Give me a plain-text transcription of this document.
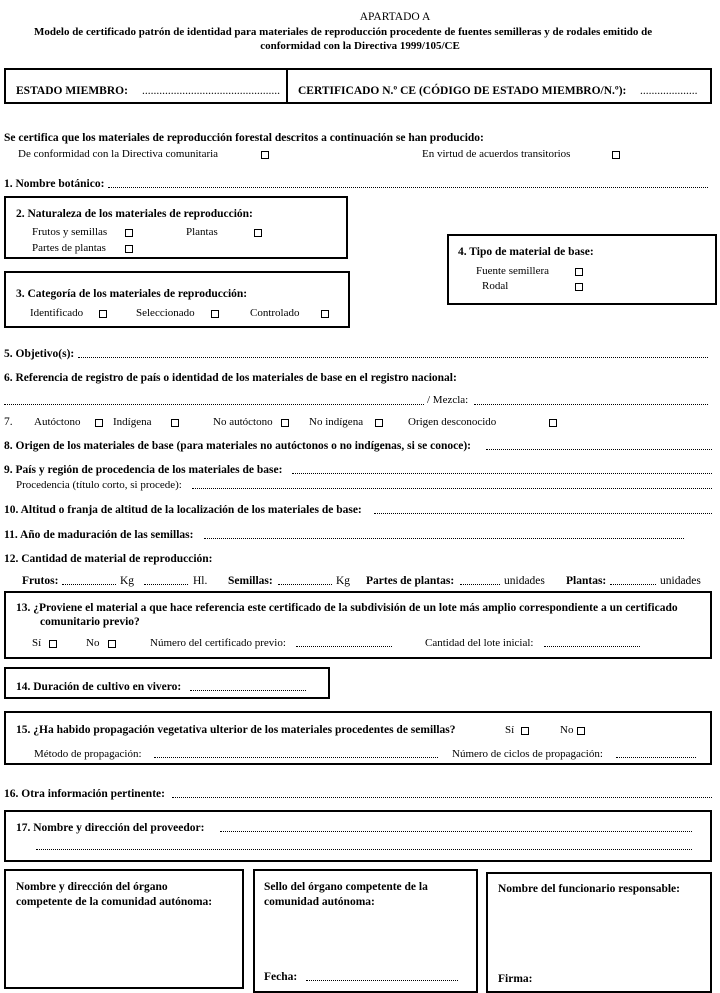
APARTADO A
Modelo de certificado patrón de identidad para materiales de reproducción procedente de fuentes semilleras y de rodales emitido de
conformidad con la Directiva 1999/105/CE
ESTADO MIEMBRO: ................................................ CERTIFICADO N.º CE (CÓDIGO DE ESTADO MIEMBRO/N.º): ....................
Se certifica que los materiales de reproducción forestal descritos a continuación se han producido:
De conformidad con la Directiva comunitaria	En virtud de acuerdos transitorios
1. Nombre botánico:
2. Naturaleza de los materiales de reproducción:
Frutos y semillas	Plantas
Partes de plantas	4. Tipo de material de base:
Fuente semillera
Rodal
3. Categoría de los materiales de reproducción:
Identificado	Seleccionado	Controlado
5. Objetivo(s):
6. Referencia de registro de país o identidad de los materiales de base en el registro nacional:
/ Mezcla:
7. Autóctono	Indígena	No autóctono	No indígena	Origen desconocido
8. Origen de los materiales de base (para materiales no autóctonos o no indígenas, si se conoce):
9. País y región de procedencia de los materiales de base:
Procedencia (título corto, si procede):
10. Altitud o franja de altitud de la localización de los materiales de base:
11. Año de maduración de las semillas:
12. Cantidad de material de reproducción:
Frutos:	Kg	Hl. Semillas:	Kg Partes de plantas:	unidades Plantas:	unidades
13. ¿Proviene el material a que hace referencia este certificado de la subdivisión de un lote más amplio correspondiente a un certificado
comunitario previo?
Sí	No	Número del certificado previo:	Cantidad del lote inicial:
14. Duración de cultivo en vivero:
15. ¿Ha habido propagación vegetativa ulterior de los materiales procedentes de semillas?	Sí	No
Método de propagación:	Número de ciclos de propagación:
16. Otra información pertinente:
17. Nombre y dirección del proveedor:
Nombre y dirección del órgano
competente de la comunidad autónoma:
Sello del órgano competente de la
comunidad autónoma:
Fecha:
Nombre del funcionario responsable:
Firma:
